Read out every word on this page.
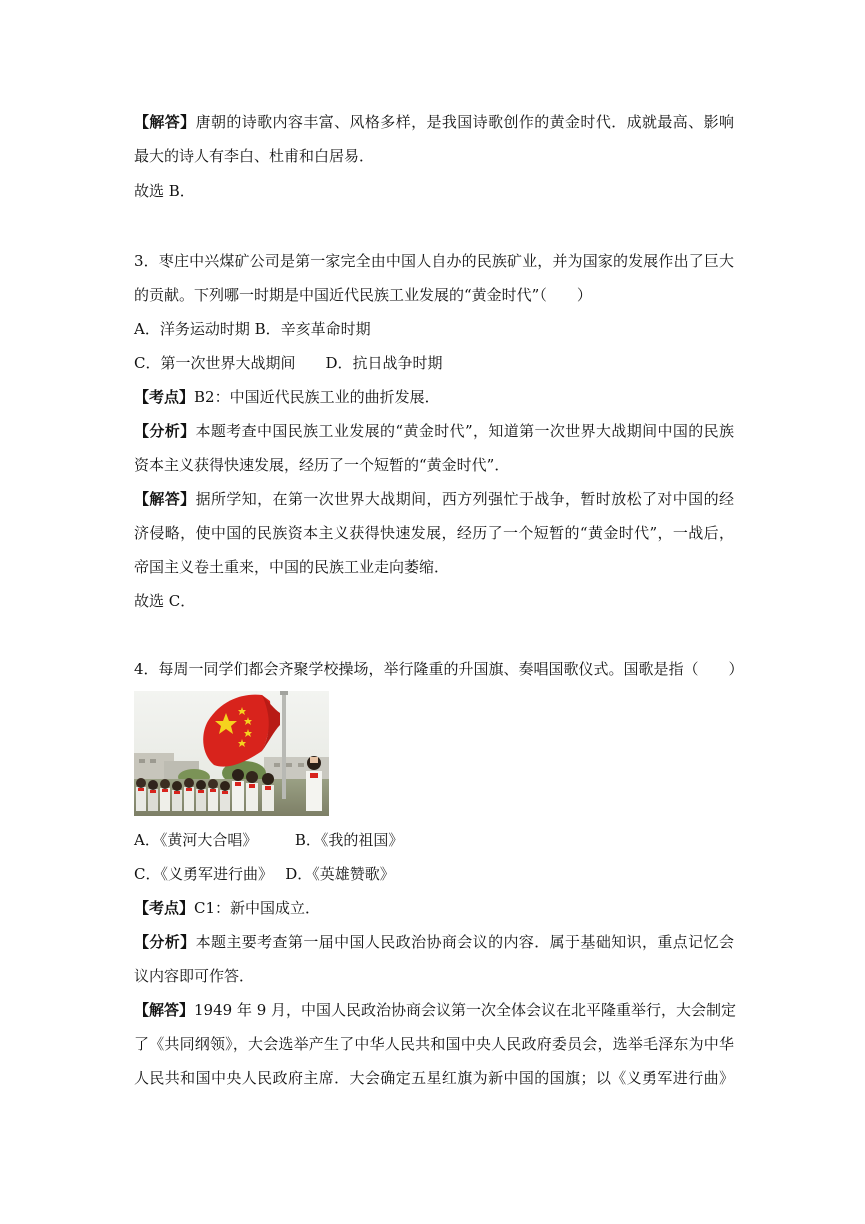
【解答】唐朝的诗歌内容丰富、风格多样，是我国诗歌创作的黄金时代．成就最高、影响
最大的诗人有李白、杜甫和白居易．
故选 B．
3．枣庄中兴煤矿公司是第一家完全由中国人自办的民族矿业，并为国家的发展作出了巨大
的贡献。下列哪一时期是中国近代民族工业发展的“黄金时代”（　　）
A．洋务运动时期 B．辛亥革命时期
C．第一次世界大战期间　　D．抗日战争时期
【考点】B2：中国近代民族工业的曲折发展．
【分析】本题考查中国民族工业发展的“黄金时代”，知道第一次世界大战期间中国的民族
资本主义获得快速发展，经历了一个短暂的“黄金时代”．
【解答】据所学知，在第一次世界大战期间，西方列强忙于战争，暂时放松了对中国的经
济侵略，使中国的民族资本主义获得快速发展，经历了一个短暂的“黄金时代”，一战后，
帝国主义卷土重来，中国的民族工业走向萎缩．
故选 C．
4．每周一同学们都会齐聚学校操场，举行隆重的升国旗、奏唱国歌仪式。国歌是指（　　）
A．《黄河大合唱》　　　B．《我的祖国》
C．《义勇军进行曲》　 D．《英雄赞歌》
【考点】C1：新中国成立．
【分析】本题主要考查第一届中国人民政治协商会议的内容．属于基础知识，重点记忆会
议内容即可作答．
【解答】1949 年 9 月，中国人民政治协商会议第一次全体会议在北平隆重举行，大会制定
了《共同纲领》，大会选举产生了中华人民共和国中央人民政府委员会，选举毛泽东为中华
人民共和国中央人民政府主席．大会确定五星红旗为新中国的国旗；以《义勇军进行曲》
